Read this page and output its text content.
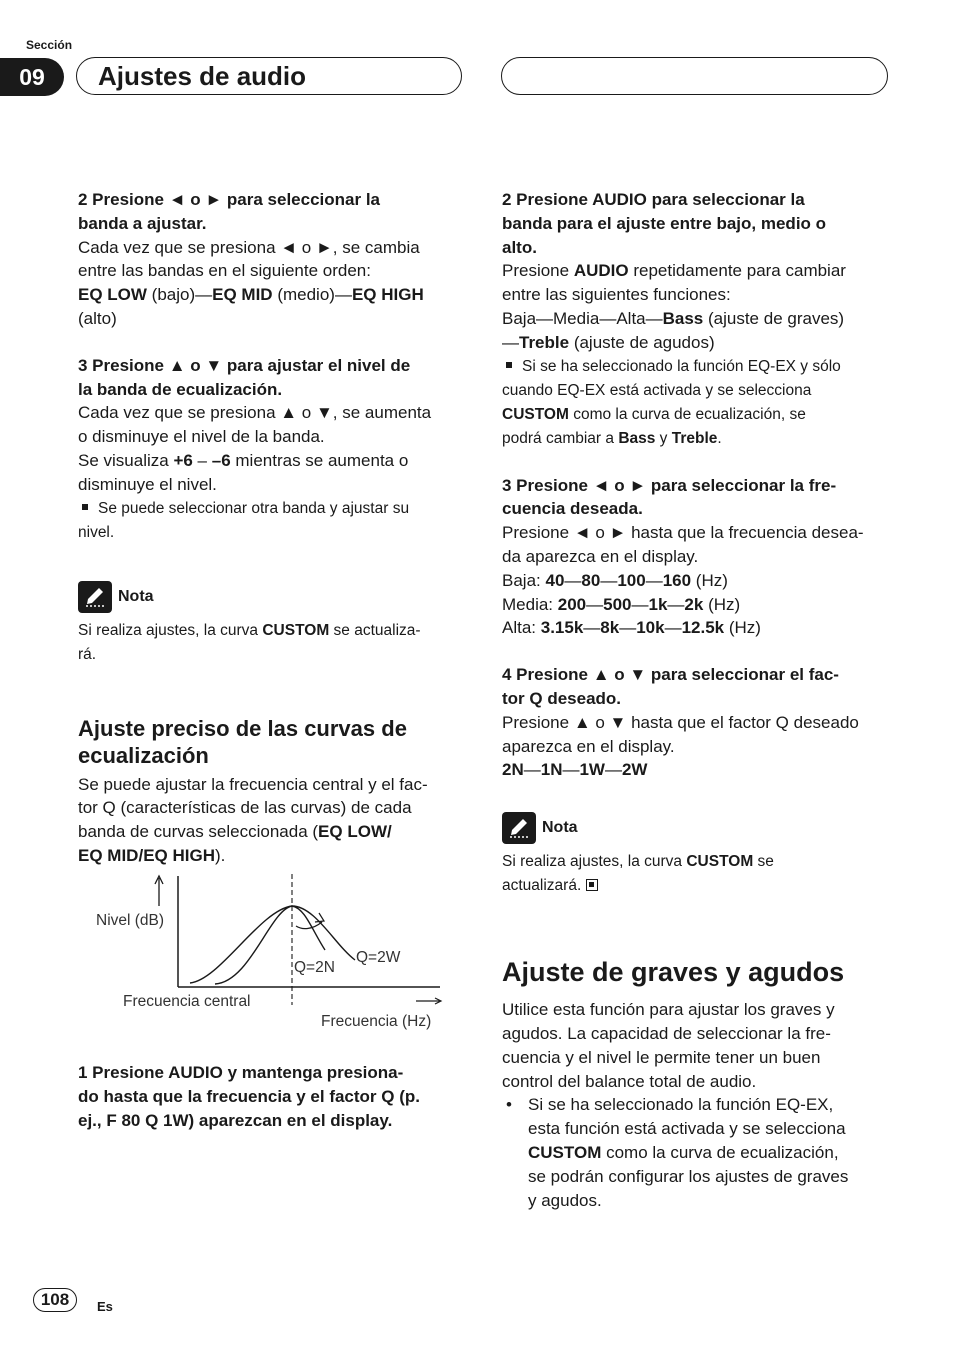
Sección
09	Ajustes de audio

2 Presione ◄ o ► para seleccionar la
banda a ajustar.

Cada vez que se presiona ◄ o ►, se cambia
entre las bandas en el siguiente orden:
EQ LOW (bajo)—EQ MID (medio)—EQ HIGH
(alto)

3 Presione ▲ o ▼ para ajustar el nivel de
la banda de ecualización.

Cada vez que se presiona ▲ o ▼, se aumenta
o disminuye el nivel de la banda.
Se visualiza +6 – –6 mientras se aumenta o
disminuye el nivel.

Se puede seleccionar otra banda y ajustar su
nivel.

Nota

Si realiza ajustes, la curva CUSTOM se actualiza-
rá.

Ajuste preciso de las curvas de
ecualización

Se puede ajustar la frecuencia central y el fac-
tor Q (características de las curvas) de cada
banda de curvas seleccionada (EQ LOW/
EQ MID/EQ HIGH).

Nivel (dB)
Q=2W
Q=2N
Frecuencia central
Frecuencia (Hz)

1 Presione AUDIO y mantenga presiona-
do hasta que la frecuencia y el factor Q (p.
ej., F 80 Q 1W) aparezcan en el display.

2 Presione AUDIO para seleccionar la
banda para el ajuste entre bajo, medio o
alto.

Presione AUDIO repetidamente para cambiar
entre las siguientes funciones:
Baja—Media—Alta—Bass (ajuste de graves)
—Treble (ajuste de agudos)

Si se ha seleccionado la función EQ-EX y sólo
cuando EQ-EX está activada y se selecciona
CUSTOM como la curva de ecualización, se
podrá cambiar a Bass y Treble.

3 Presione ◄ o ► para seleccionar la fre-
cuencia deseada.

Presione ◄ o ► hasta que la frecuencia desea-
da aparezca en el display.

Baja: 40—80—100—160 (Hz)

Media: 200—500—1k—2k (Hz)

Alta: 3.15k—8k—10k—12.5k (Hz)

4 Presione ▲ o ▼ para seleccionar el fac-
tor Q deseado.

Presione ▲ o ▼ hasta que el factor Q deseado
aparezca en el display.
2N—1N—1W—2W

Nota

Si realiza ajustes, la curva CUSTOM se
actualizará.

Ajuste de graves y agudos

Utilice esta función para ajustar los graves y
agudos. La capacidad de seleccionar la fre-
cuencia y el nivel le permite tener un buen
control del balance total de audio.

• Si se ha seleccionado la función EQ-EX,
esta función está activada y se selecciona
CUSTOM como la curva de ecualización,
se podrán configurar los ajustes de graves
y agudos.
108	Es
